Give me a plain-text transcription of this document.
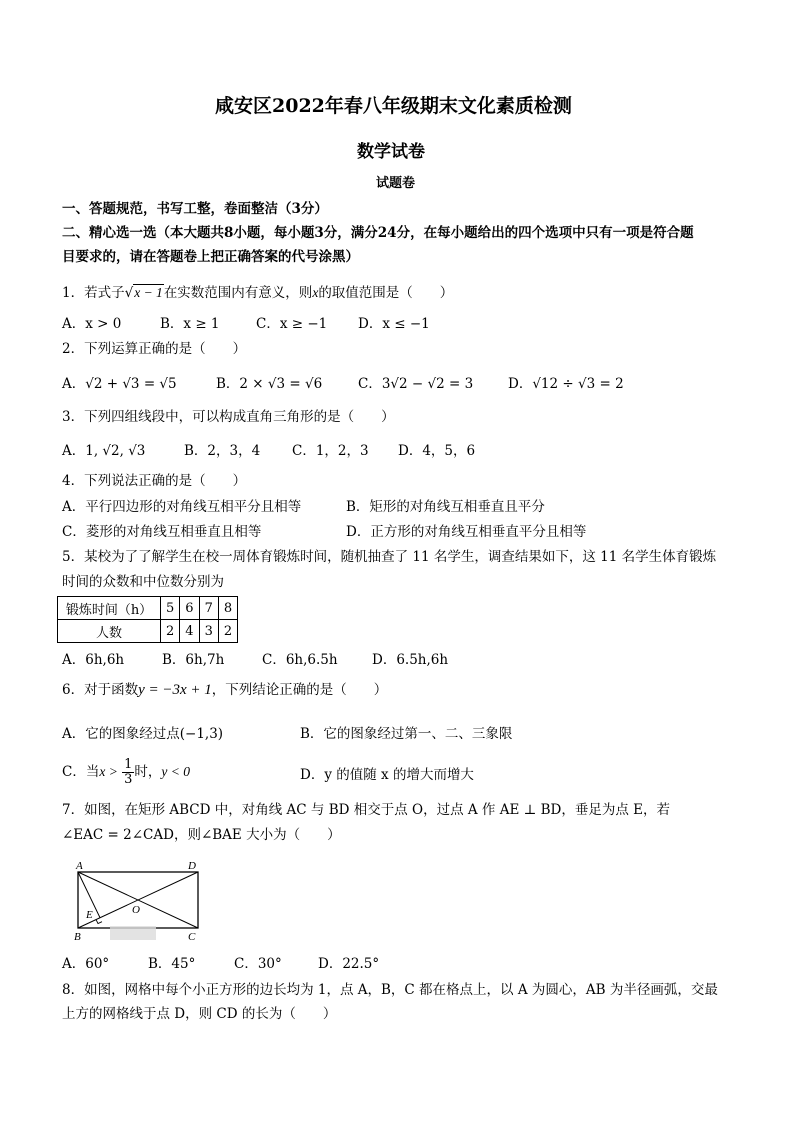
咸安区2022年春八年级期末文化素质检测
数学试卷
试题卷
一、答题规范，书写工整，卷面整洁（3分）
二、精心选一选（本大题共8小题，每小题3分，满分24分，在每小题给出的四个选项中只有一项是符合题
目要求的，请在答题卷上把正确答案的代号涂黑）
1．若式子√x − 1在实数范围内有意义，则x的取值范围是（　　）
A．x > 0	B．x ≥ 1	C．x ≥ −1 D．x ≤ −1
2．下列运算正确的是（　　）
A．√2 + √3 = √5	B．2 × √3 = √6	C．3√2 − √2 = 3	D．√12 ÷ √3 = 2
3．下列四组线段中，可以构成直角三角形的是（　　）
A．1, √2, √3	B．2，3，4 C．1，2，3 D．4，5，6
4．下列说法正确的是（　　）
A．平行四边形的对角线互相平分且相等	B．矩形的对角线互相垂直且平分
C．菱形的对角线互相垂直且相等	D．正方形的对角线互相垂直平分且相等
5．某校为了了解学生在校一周体育锻炼时间，随机抽查了 11 名学生，调查结果如下，这 11 名学生体育锻炼
时间的众数和中位数分别为
锻炼时间（h）	5	6	7	8
人数	2	4	3	2
A．6h,6h	B．6h,7h	C．6h,6.5h	D．6.5h,6h
6．对于函数y = −3x + 1，下列结论正确的是（　　）
A．它的图象经过点(−1,3)	B．它的图象经过第一、二、三象限
C．当$x > \frac{1}{3}$ 时，y < 0	D．y 的值随 x 的增大而增大
7．如图，在矩形 ABCD 中，对角线 AC 与 BD 相交于点 O，过点 A 作 AE ⊥ BD，垂足为点 E，若
∠EAC = 2∠CAD，则∠BAE 大小为（　　）
A	D
B	C
E	O
A．60°	B．45°	C．30°	D．22.5°
8．如图，网格中每个小正方形的边长均为 1，点 A，B，C 都在格点上，以 A 为圆心，AB 为半径画弧，交最
上方的网格线于点 D，则 CD 的长为（　　）
